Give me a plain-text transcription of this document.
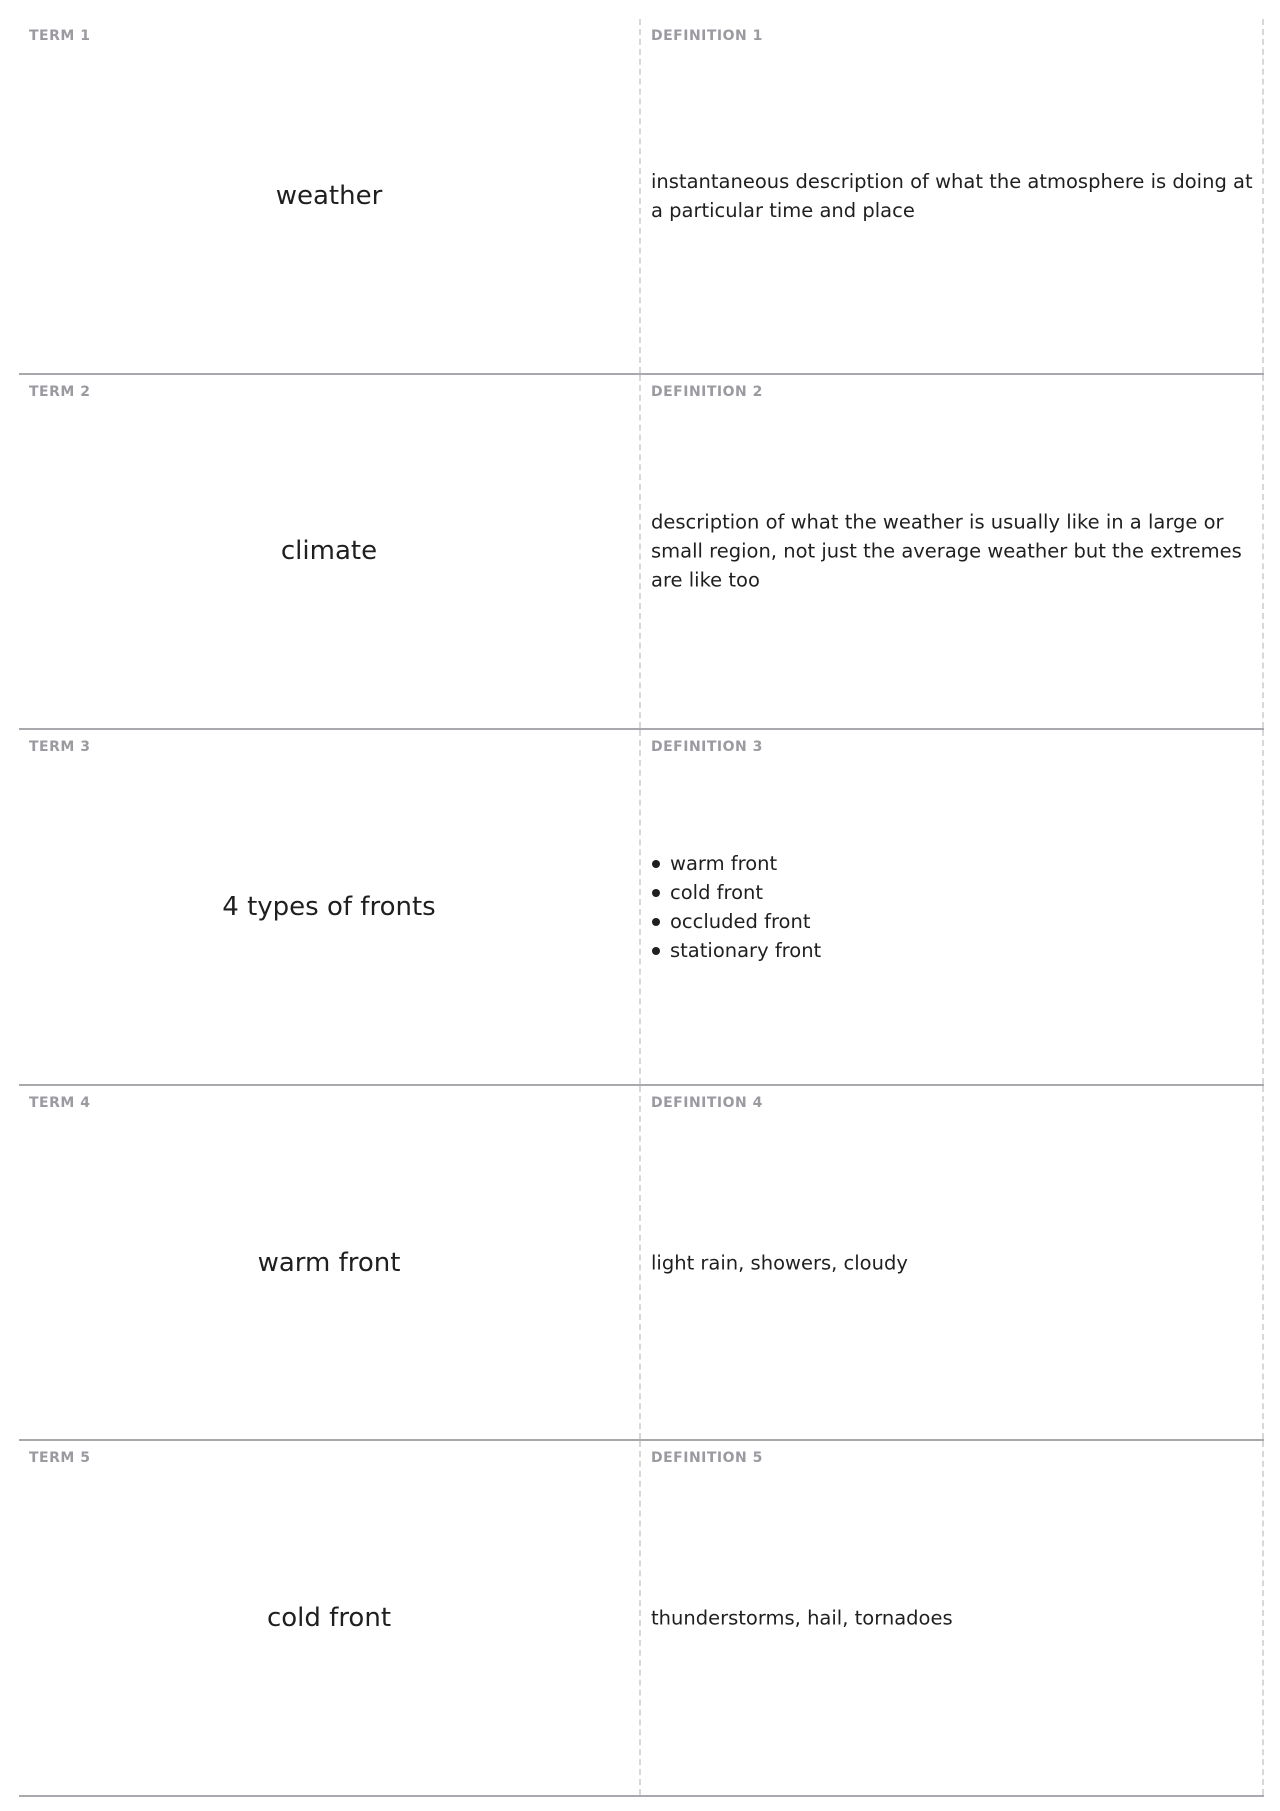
TERM 1
weather
DEFINITION 1
instantaneous description of what the atmosphere is doing at a particular time and place
TERM 2
climate
DEFINITION 2
description of what the weather is usually like in a large or small region, not just the average weather but the extremes are like too
TERM 3
4 types of fronts
DEFINITION 3
warm front
cold front
occluded front
stationary front
TERM 4
warm front
DEFINITION 4
light rain, showers, cloudy
TERM 5
cold front
DEFINITION 5
thunderstorms, hail, tornadoes
